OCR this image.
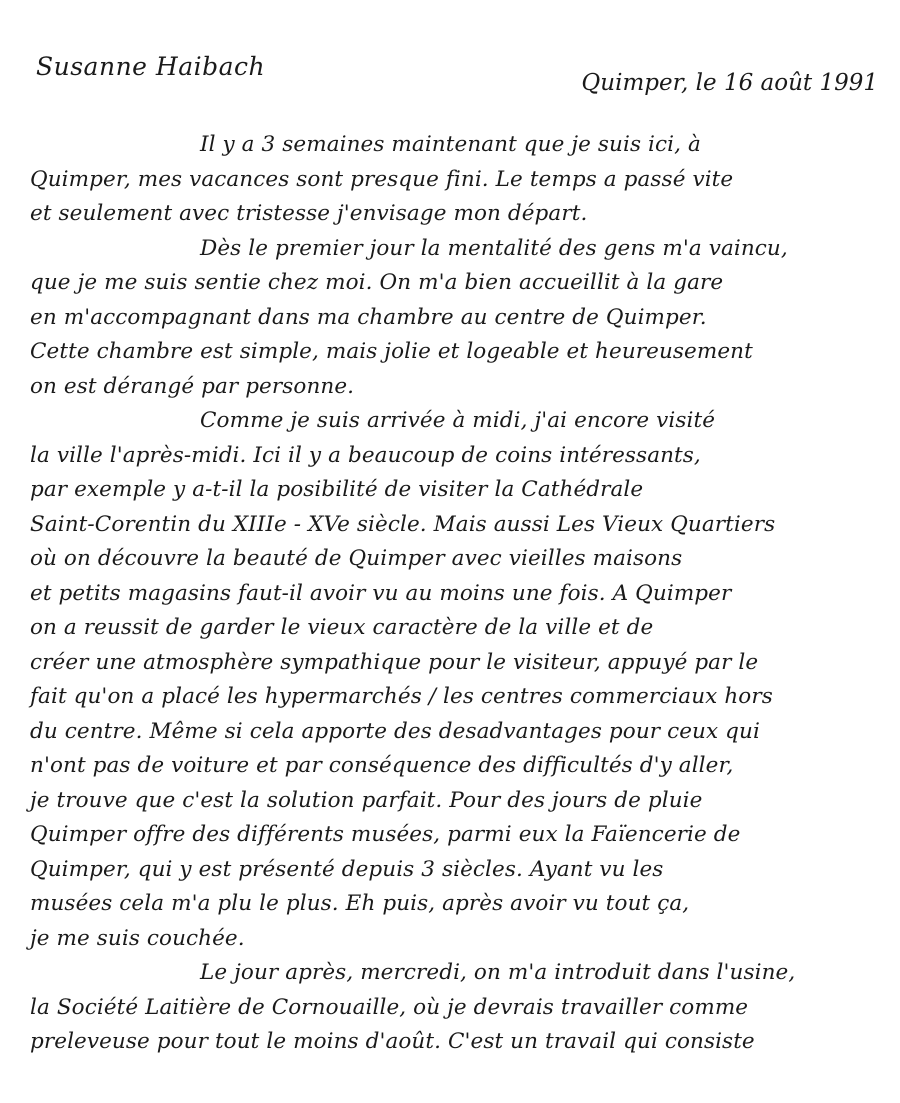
Susanne Haibach
Quimper, le 16 août 1991
Il y a 3 semaines maintenant que je suis ici, à
Quimper, mes vacances sont presque fini. Le temps a passé vite
et seulement avec tristesse j'envisage mon départ.
Dès le premier jour la mentalité des gens m'a vaincu,
que je me suis sentie chez moi. On m'a bien accueillit à la gare
en m'accompagnant dans ma chambre au centre de Quimper.
Cette chambre est simple, mais jolie et logeable et heureusement
on est dérangé par personne.
Comme je suis arrivée à midi, j'ai encore visité
la ville l'après-midi. Ici il y a beaucoup de coins intéressants,
par exemple y a-t-il la posibilité de visiter la Cathédrale
Saint-Corentin du XIIIe - XVe siècle. Mais aussi Les Vieux Quartiers
où on découvre la beauté de Quimper avec vieilles maisons
et petits magasins faut-il avoir vu au moins une fois. A Quimper
on a reussit de garder le vieux caractère de la ville et de
créer une atmosphère sympathique pour le visiteur, appuyé par le
fait qu'on a placé les hypermarchés / les centres commerciaux hors
du centre. Même si cela apporte des desadvantages pour ceux qui
n'ont pas de voiture et par conséquence des difficultés d'y aller,
je trouve que c'est la solution parfait. Pour des jours de pluie
Quimper offre des différents musées, parmi eux la Faïencerie de
Quimper, qui y est présenté depuis 3 siècles. Ayant vu les
musées cela m'a plu le plus. Eh puis, après avoir vu tout ça,
je me suis couchée.
Le jour après, mercredi, on m'a introduit dans l'usine,
la Société Laitière de Cornouaille, où je devrais travailler comme
preleveuse pour tout le moins d'août. C'est un travail qui consiste
